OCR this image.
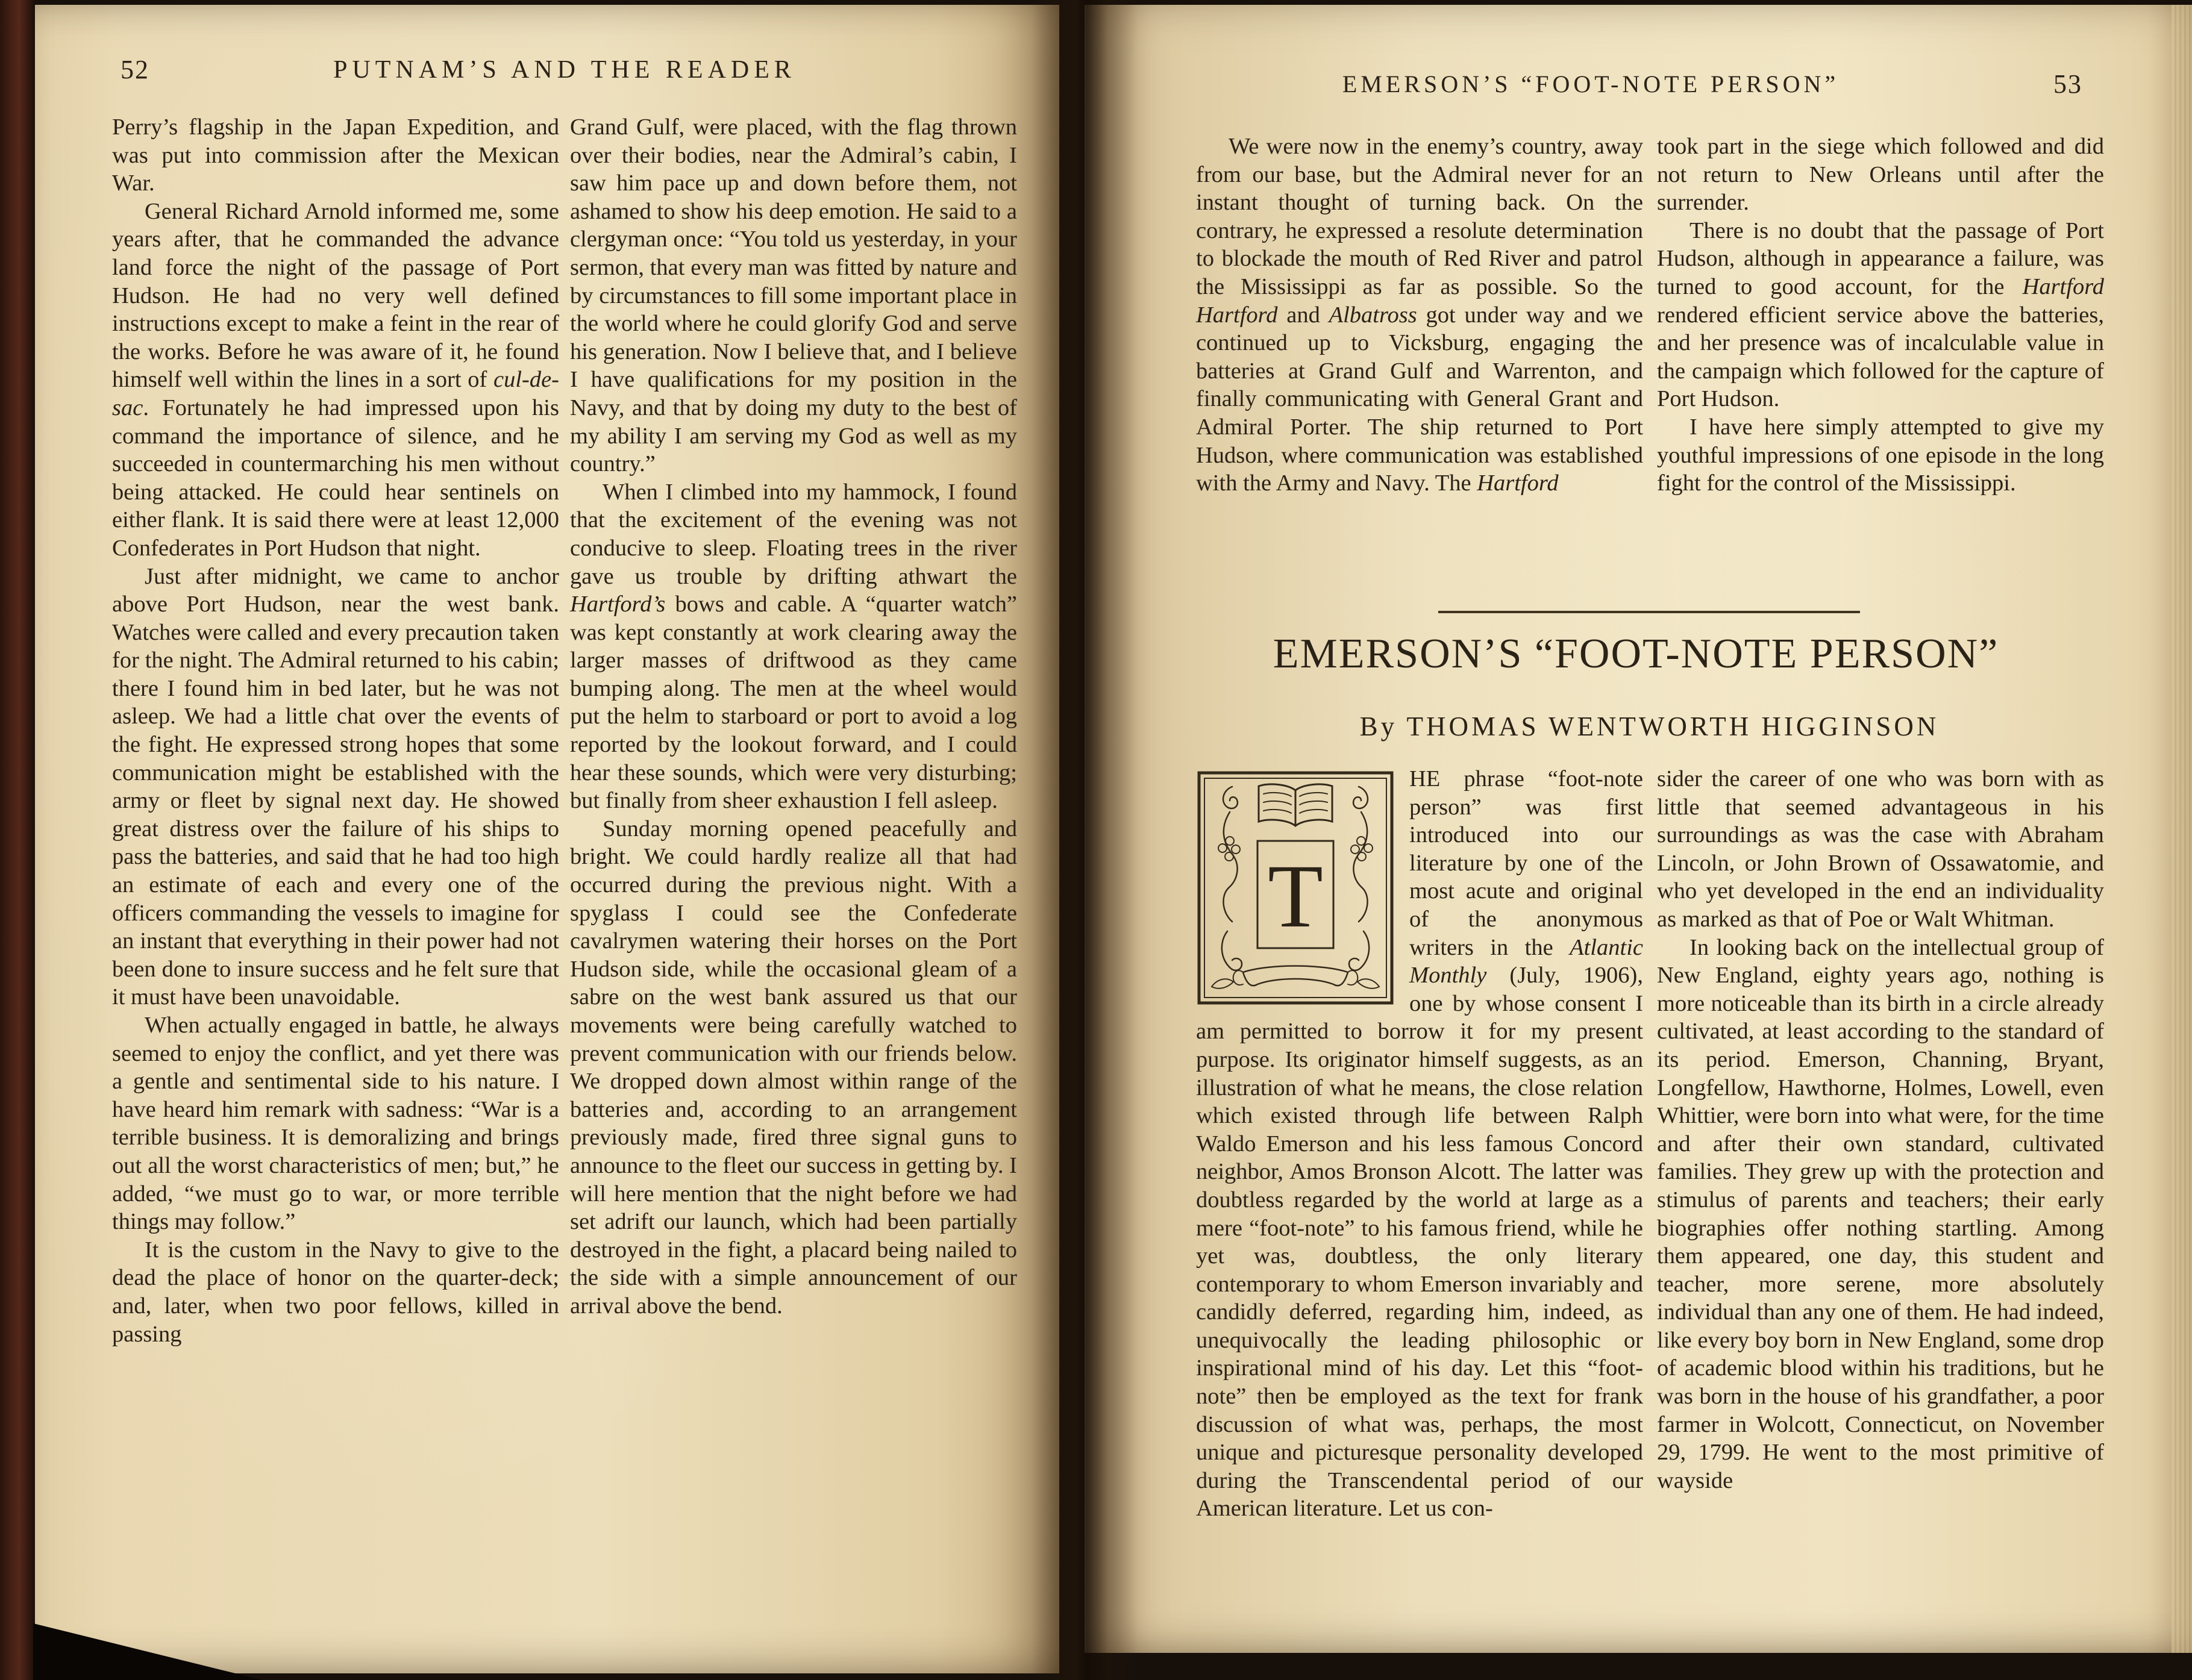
52	PUTNAM’S AND THE READER

Perry’s flagship in the Japan Expedition, and was put into commission after the Mexican War.

General Richard Arnold informed me, some years after, that he commanded the advance land force the night of the passage of Port Hudson. He had no very well defined instructions except to make a feint in the rear of the works. Before he was aware of it, he found himself well within the lines in a sort of cul-de-sac. Fortunately he had impressed upon his command the importance of silence, and he succeeded in countermarching his men without being attacked. He could hear sentinels on either flank. It is said there were at least 12,000 Confederates in Port Hudson that night.

Just after midnight, we came to anchor above Port Hudson, near the west bank. Watches were called and every precaution taken for the night. The Admiral returned to his cabin; there I found him in bed later, but he was not asleep. We had a little chat over the events of the fight. He expressed strong hopes that some communication might be established with the army or fleet by signal next day. He showed great distress over the failure of his ships to pass the batteries, and said that he had too high an estimate of each and every one of the officers commanding the vessels to imagine for an instant that everything in their power had not been done to insure success and he felt sure that it must have been unavoidable.

When actually engaged in battle, he always seemed to enjoy the conflict, and yet there was a gentle and sentimental side to his nature. I have heard him remark with sadness: “War is a terrible business. It is demoralizing and brings out all the worst characteristics of men; but,” he added, “we must go to war, or more terrible things may follow.”

It is the custom in the Navy to give to the dead the place of honor on the quarter-deck; and, later, when two poor fellows, killed in passing

Grand Gulf, were placed, with the flag thrown over their bodies, near the Admiral’s cabin, I saw him pace up and down before them, not ashamed to show his deep emotion. He said to a clergyman once: “You told us yesterday, in your sermon, that every man was fitted by nature and by circumstances to fill some important place in the world where he could glorify God and serve his generation. Now I believe that, and I believe I have qualifications for my position in the Navy, and that by doing my duty to the best of my ability I am serving my God as well as my country.”

When I climbed into my hammock, I found that the excitement of the evening was not conducive to sleep. Floating trees in the river gave us trouble by drifting athwart the Hartford’s bows and cable. A “quarter watch” was kept constantly at work clearing away the larger masses of driftwood as they came bumping along. The men at the wheel would put the helm to starboard or port to avoid a log reported by the lookout forward, and I could hear these sounds, which were very disturbing; but finally from sheer exhaustion I fell asleep.

Sunday morning opened peacefully and bright. We could hardly realize all that had occurred during the previous night. With a spyglass I could see the Confederate cavalrymen watering their horses on the Port Hudson side, while the occasional gleam of a sabre on the west bank assured us that our movements were being carefully watched to prevent communication with our friends below. We dropped down almost within range of the batteries and, according to an arrangement previously made, fired three signal guns to announce to the fleet our success in getting by. I will here mention that the night before we had set adrift our launch, which had been partially destroyed in the fight, a placard being nailed to the side with a simple announcement of our arrival above the bend.

EMERSON’S “FOOT-NOTE PERSON”	53

We were now in the enemy’s country, away from our base, but the Admiral never for an instant thought of turning back. On the contrary, he expressed a resolute determination to blockade the mouth of Red River and patrol the Mississippi as far as possible. So the Hartford and Albatross got under way and we continued up to Vicksburg, engaging the batteries at Grand Gulf and Warrenton, and finally communicating with General Grant and Admiral Porter. The ship returned to Port Hudson, where communication was established with the Army and Navy. The Hartford

took part in the siege which followed and did not return to New Orleans until after the surrender.

There is no doubt that the passage of Port Hudson, although in appearance a failure, was turned to good account, for the Hartford rendered efficient service above the batteries, and her presence was of incalculable value in the campaign which followed for the capture of Port Hudson.

I have here simply attempted to give my youthful impressions of one episode in the long fight for the control of the Mississippi.

EMERSON’S “FOOT-NOTE PERSON”
By THOMAS WENTWORTH HIGGINSON
T

HE phrase “foot-note person” was first introduced into our literature by one of the most acute and original of the anonymous writers in the Atlantic Monthly (July, 1906), one by whose consent I am permitted to borrow it for my present purpose. Its originator himself suggests, as an illustration of what he means, the close relation which existed through life between Ralph Waldo Emerson and his less famous Concord neighbor, Amos Bronson Alcott. The latter was doubtless regarded by the world at large as a mere “foot-note” to his famous friend, while he yet was, doubtless, the only literary contemporary to whom Emerson invariably and candidly deferred, regarding him, indeed, as unequivocally the leading philosophic or inspirational mind of his day. Let this “foot-note” then be employed as the text for frank discussion of what was, perhaps, the most unique and picturesque personality developed during the Transcendental period of our American literature. Let us con-

sider the career of one who was born with as little that seemed advantageous in his surroundings as was the case with Abraham Lincoln, or John Brown of Ossawatomie, and who yet developed in the end an individuality as marked as that of Poe or Walt Whitman.

In looking back on the intellectual group of New England, eighty years ago, nothing is more noticeable than its birth in a circle already cultivated, at least according to the standard of its period. Emerson, Channing, Bryant, Longfellow, Hawthorne, Holmes, Lowell, even Whittier, were born into what were, for the time and after their own standard, cultivated families. They grew up with the protection and stimulus of parents and teachers; their early biographies offer nothing startling. Among them appeared, one day, this student and teacher, more serene, more absolutely individual than any one of them. He had indeed, like every boy born in New England, some drop of academic blood within his traditions, but he was born in the house of his grandfather, a poor farmer in Wolcott, Connecticut, on November 29, 1799. He went to the most primitive of wayside
